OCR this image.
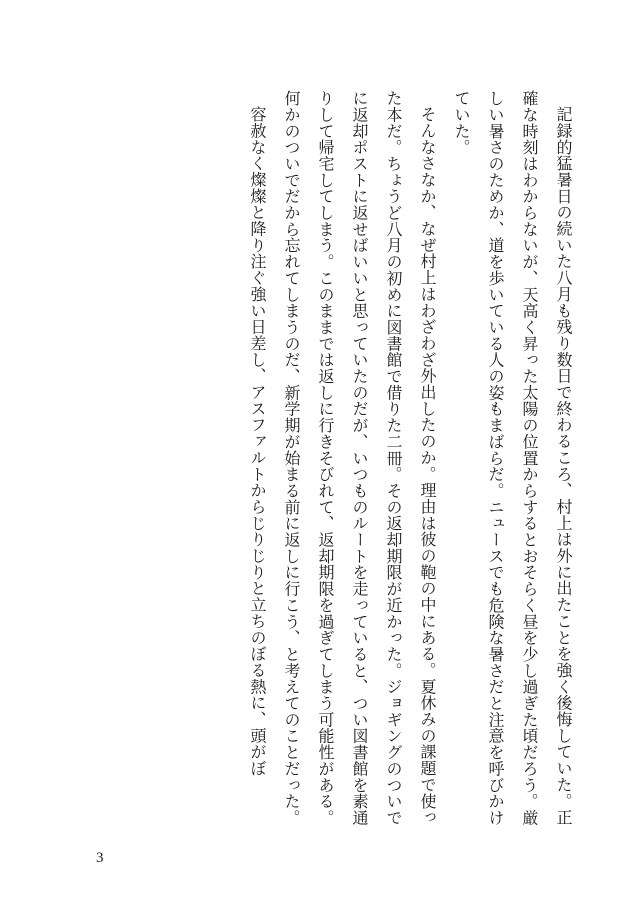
記録的猛暑日の続いた八月も残り数日で終わるころ、村上は外に出たことを強く後悔していた。正確な時刻はわからないが、天高く昇った太陽の位置からするとおそらく昼を少し過ぎた頃だろう。厳しい暑さのためか、道を歩いている人の姿もまばらだ。ニュースでも危険な暑さだと注意を呼びかけていた。

そんなさなか、なぜ村上はわざわざ外出したのか。理由は彼の鞄の中にある。夏休みの課題で使った本だ。ちょうど八月の初めに図書館で借りた二冊。その返却期限が近かった。ジョギングのついでに返却ポストに返せばいいと思っていたのだが、いつものルートを走っていると、つい図書館を素通りして帰宅してしまう。このままでは返しに行きそびれて、返却期限を過ぎてしまう可能性がある。何かのついでだから忘れてしまうのだ、新学期が始まる前に返しに行こう、と考えてのことだった。

容赦なく燦燦と降り注ぐ強い日差し、アスファルトからじりじりと立ちのぼる熱に、頭がぼ

3
